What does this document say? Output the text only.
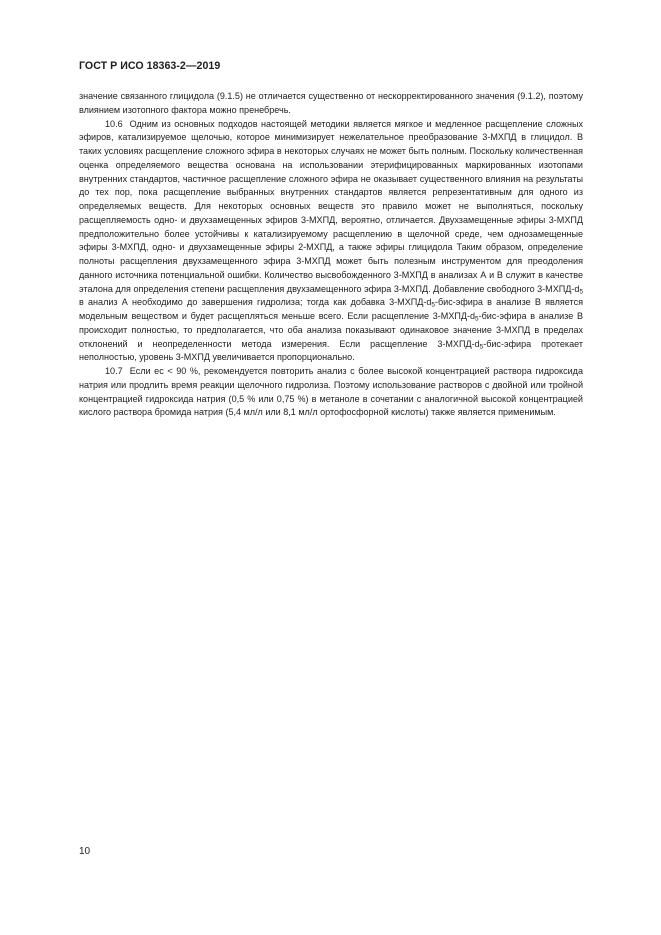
ГОСТ Р ИСО 18363-2—2019

значение связанного глицидола (9.1.5) не отличается существенно от нескорректированного значения (9.1.2), поэтому влиянием изотопного фактора можно пренебречь.

10.6 Одним из основных подходов настоящей методики является мягкое и медленное расщепление сложных эфиров, катализируемое щелочью, которое минимизирует нежелательное преобразование 3-МХПД в глицидол. В таких условиях расщепление сложного эфира в некоторых случаях не может быть полным. Поскольку количественная оценка определяемого вещества основана на использовании этерифицированных маркированных изотопами внутренних стандартов, частичное расщепление сложного эфира не оказывает существенного влияния на результаты до тех пор, пока расщепление выбранных внутренних стандартов является репрезентативным для одного из определяемых веществ. Для некоторых основных веществ это правило может не выполняться, поскольку расщепляемость одно- и двухзамещенных эфиров 3-МХПД, вероятно, отличается. Двухзамещенные эфиры 3-МХПД предположительно более устойчивы к катализируемому расщеплению в щелочной среде, чем однозамещенные эфиры 3-МХПД, одно- и двухзамещенные эфиры 2-МХПД, а также эфиры глицидола Таким образом, определение полноты расщепления двухзамещенного эфира 3-МХПД может быть полезным инструментом для преодоления данного источника потенциальной ошибки. Количество высвобожденного 3-МХПД в анализах А и В служит в качестве эталона для определения степени расщепления двухзамещенного эфира 3-МХПД. Добавление свободного $3-МХПД-d_5$ в анализ А необходимо до завершения гидролиза; тогда как добавка $3-МХПД-d_5-бис$-эфира в анализе В является модельным веществом и будет расщепляться меньше всего. Если расщепление $3-МХПД-d_5-бис$-эфира в анализе В происходит полностью, то предполагается, что оба анализа показывают одинаковое значение 3-МХПД в пределах отклонений и неопределенности метода измерения. Если расщепление $3-МХПД-d_5-бис$-эфира протекает неполностью, уровень 3-МХПД увеличивается пропорционально.

10.7 Если ec < 90 %, рекомендуется повторить анализ с более высокой концентрацией раствора гидроксида натрия или продлить время реакции щелочного гидролиза. Поэтому использование растворов с двойной или тройной концентрацией гидроксида натрия (0,5 % или 0,75 %) в метаноле в сочетании с аналогичной высокой концентрацией кислого раствора бромида натрия (5,4 мл/л или 8,1 мл/л ортофосфорной кислоты) также является применимым.

10
